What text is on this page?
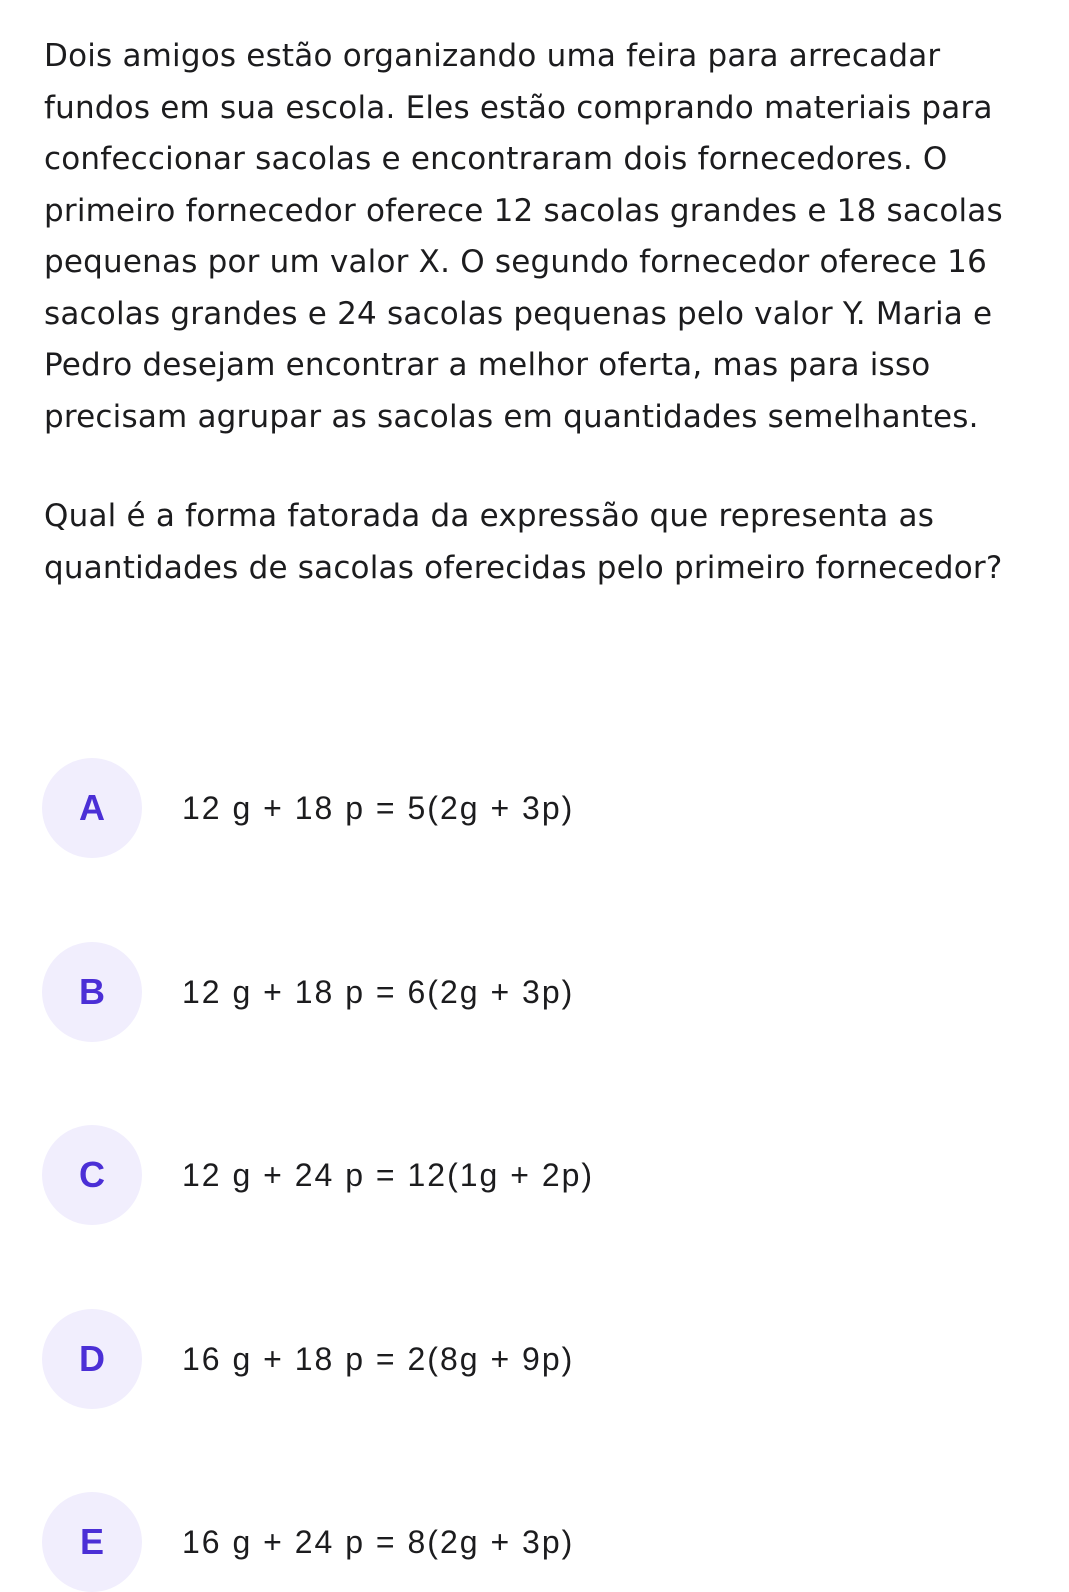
Dois amigos estão organizando uma feira para arrecadar fundos em sua escola. Eles estão comprando materiais para confeccionar sacolas e encontraram dois fornecedores. O primeiro fornecedor oferece 12 sacolas grandes e 18 sacolas pequenas por um valor X. O segundo fornecedor oferece 16 sacolas grandes e 24 sacolas pequenas pelo valor Y. Maria e Pedro desejam encontrar a melhor oferta, mas para isso precisam agrupar as sacolas em quantidades semelhantes.

Qual é a forma fatorada da expressão que representa as quantidades de sacolas oferecidas pelo primeiro fornecedor?

A	12 g + 18 p = 5(2g + 3p)
B	12 g + 18 p = 6(2g + 3p)
C	12 g + 24 p = 12(1g + 2p)
D	16 g + 18 p = 2(8g + 9p)
E	16 g + 24 p = 8(2g + 3p)
